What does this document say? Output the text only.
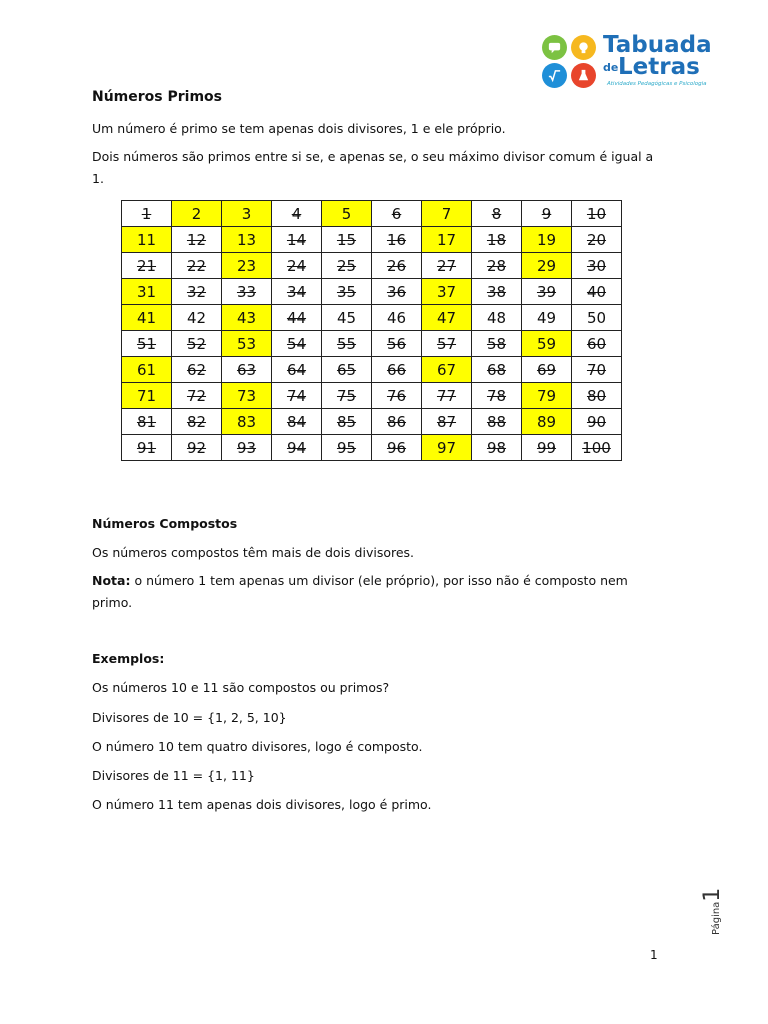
Tabuada
de Letras
Atividades Pedagógicas e Psicologia
Números Primos
Um número é primo se tem apenas dois divisores, 1 e ele próprio.
Dois números são primos entre si se, e apenas se, o seu máximo divisor comum é igual a 1.
1	2	3	4	5	6	7	8	9	10
11	12	13	14	15	16	17	18	19	20
21	22	23	24	25	26	27	28	29	30
31	32	33	34	35	36	37	38	39	40
41	42	43	44	45	46	47	48	49	50
51	52	53	54	55	56	57	58	59	60
61	62	63	64	65	66	67	68	69	70
71	72	73	74	75	76	77	78	79	80
81	82	83	84	85	86	87	88	89	90
91	92	93	94	95	96	97	98	99	100
Números Compostos
Os números compostos têm mais de dois divisores.
Nota: o número 1 tem apenas um divisor (ele próprio), por isso não é composto nem primo.
Exemplos:
Os números 10 e 11 são compostos ou primos?
Divisores de 10 = {1, 2, 5, 10}
O número 10 tem quatro divisores, logo é composto.
Divisores de 11 = {1, 11}
O número 11 tem apenas dois divisores, logo é primo.
Página1
1
